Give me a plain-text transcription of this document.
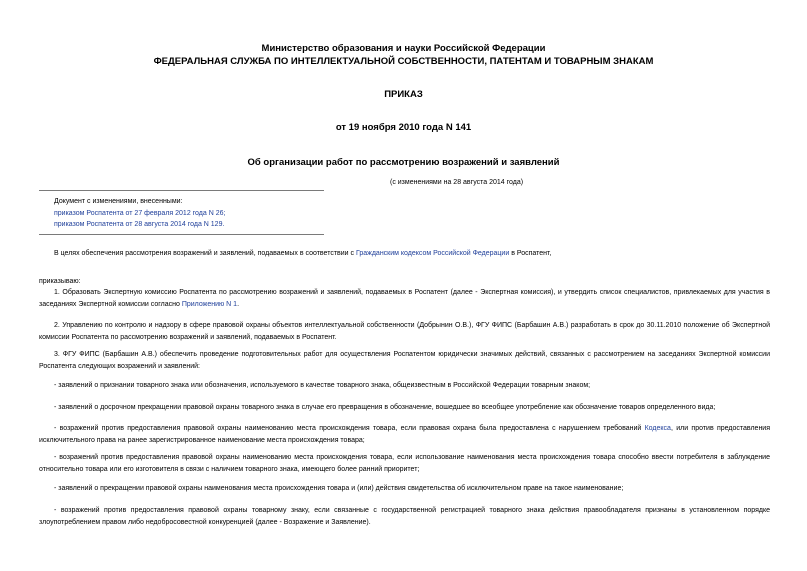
Министерство образования и науки Российской Федерации
ФЕДЕРАЛЬНАЯ СЛУЖБА ПО ИНТЕЛЛЕКТУАЛЬНОЙ СОБСТВЕННОСТИ, ПАТЕНТАМ И ТОВАРНЫМ ЗНАКАМ
ПРИКАЗ
от 19 ноября 2010 года N 141
Об организации работ по рассмотрению возражений и заявлений
(с изменениями на 28 августа 2014 года)
Документ с изменениями, внесенными:
приказом Роспатента от 27 февраля 2012 года N 26;
приказом Роспатента от 28 августа 2014 года N 129.
В целях обеспечения рассмотрения возражений и заявлений, подаваемых в соответствии с Гражданским кодексом Российской Федерации в Роспатент,
приказываю:
1. Образовать Экспертную комиссию Роспатента по рассмотрению возражений и заявлений, подаваемых в Роспатент (далее - Экспертная комиссия), и утвердить список специалистов, привлекаемых для участия в заседаниях Экспертной комиссии согласно Приложению N 1.
2. Управлению по контролю и надзору в сфере правовой охраны объектов интеллектуальной собственности (Добрынин О.В.), ФГУ ФИПС (Барбашин А.В.) разработать в срок до 30.11.2010 положение об Экспертной комиссии Роспатента по рассмотрению возражений и заявлений, подаваемых в Роспатент.
3. ФГУ ФИПС (Барбашин А.В.) обеспечить проведение подготовительных работ для осуществления Роспатентом юридически значимых действий, связанных с рассмотрением на заседаниях Экспертной комиссии Роспатента следующих возражений и заявлений:
- заявлений о признании товарного знака или обозначения, используемого в качестве товарного знака, общеизвестным в Российской Федерации товарным знаком;
- заявлений о досрочном прекращении правовой охраны товарного знака в случае его превращения в обозначение, вошедшее во всеобщее употребление как обозначение товаров определенного вида;
- возражений против предоставления правовой охраны наименованию места происхождения товара, если правовая охрана была предоставлена с нарушением требований Кодекса, или против предоставления исключительного права на ранее зарегистрированное наименование места происхождения товара;
- возражений против предоставления правовой охраны наименованию места происхождения товара, если использование наименования места происхождения товара способно ввести потребителя в заблуждение относительно товара или его изготовителя в связи с наличием товарного знака, имеющего более ранний приоритет;
- заявлений о прекращении правовой охраны наименования места происхождения товара и (или) действия свидетельства об исключительном праве на такое наименование;
- возражений против предоставления правовой охраны товарному знаку, если связанные с государственной регистрацией товарного знака действия правообладателя признаны в установленном порядке злоупотреблением правом либо недобросовестной конкуренцией (далее - Возражение и Заявление).
